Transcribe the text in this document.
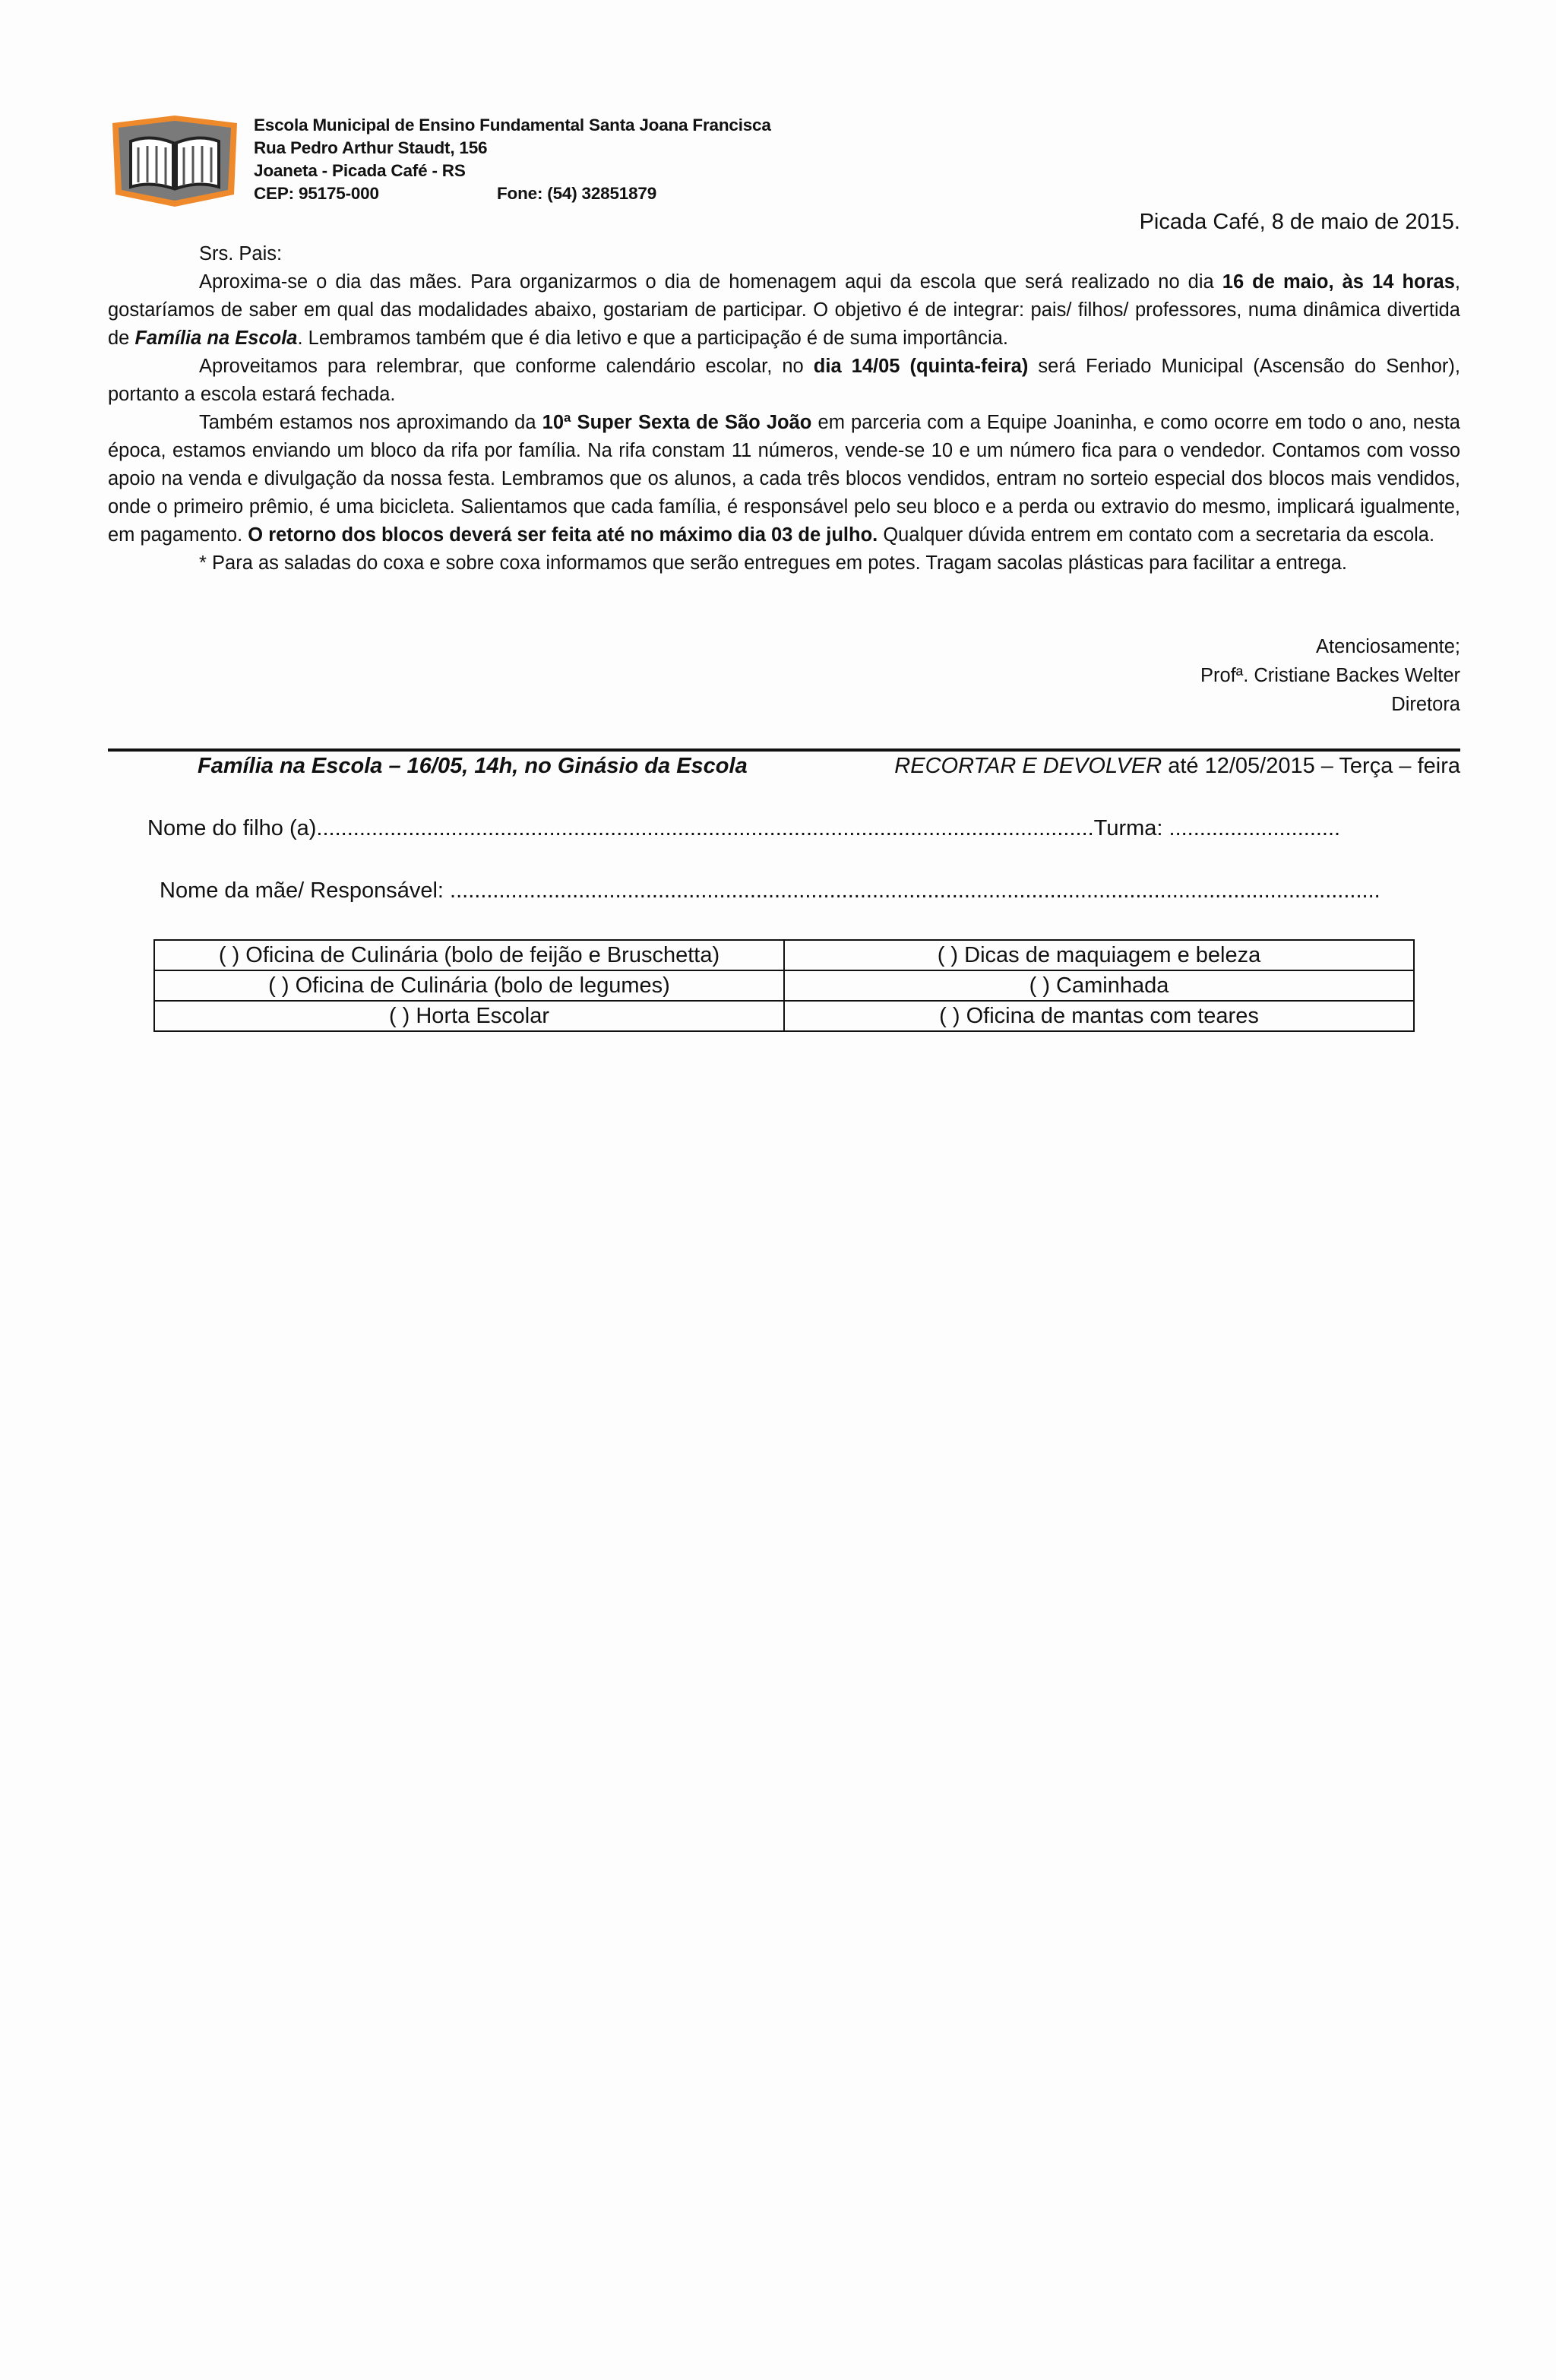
Escola Municipal de Ensino Fundamental Santa Joana Francisca
Rua Pedro Arthur Staudt, 156
Joaneta - Picada Café - RS
CEP: 95175-000	Fone: (54) 32851879
Picada Café, 8 de maio de 2015.

Srs. Pais:

Aproxima-se o dia das mães. Para organizarmos o dia de homenagem aqui da escola que será realizado no dia 16 de maio, às 14 horas, gostaríamos de saber em qual das modalidades abaixo, gostariam de participar. O objetivo é de integrar: pais/ filhos/ professores, numa dinâmica divertida de Família na Escola. Lembramos também que é dia letivo e que a participação é de suma importância.

Aproveitamos para relembrar, que conforme calendário escolar, no dia 14/05 (quinta-feira) será Feriado Municipal (Ascensão do Senhor), portanto a escola estará fechada.

Também estamos nos aproximando da 10ª Super Sexta de São João em parceria com a Equipe Joaninha, e como ocorre em todo o ano, nesta época, estamos enviando um bloco da rifa por família. Na rifa constam 11 números, vende-se 10 e um número fica para o vendedor. Contamos com vosso apoio na venda e divulgação da nossa festa. Lembramos que os alunos, a cada três blocos vendidos, entram no sorteio especial dos blocos mais vendidos, onde o primeiro prêmio, é uma bicicleta. Salientamos que cada família, é responsável pelo seu bloco e a perda ou extravio do mesmo, implicará igualmente, em pagamento. O retorno dos blocos deverá ser feita até no máximo dia 03 de julho. Qualquer dúvida entrem em contato com a secretaria da escola.

* Para as saladas do coxa e sobre coxa informamos que serão entregues em potes. Tragam sacolas plásticas para facilitar a entrega.

Atenciosamente;
Profª. Cristiane Backes Welter
Diretora
Família na Escola – 16/05, 14h, no Ginásio da Escola	RECORTAR E DEVOLVER até 12/05/2015 – Terça – feira
Nome do filho (a)...............................................................................................................................Turma: ............................
Nome da mãe/ Responsável: ........................................................................................................................................................
( ) Oficina de Culinária (bolo de feijão e Bruschetta)	( ) Dicas de maquiagem e beleza
( ) Oficina de Culinária (bolo de legumes)	( ) Caminhada
( ) Horta Escolar	( ) Oficina de mantas com teares
